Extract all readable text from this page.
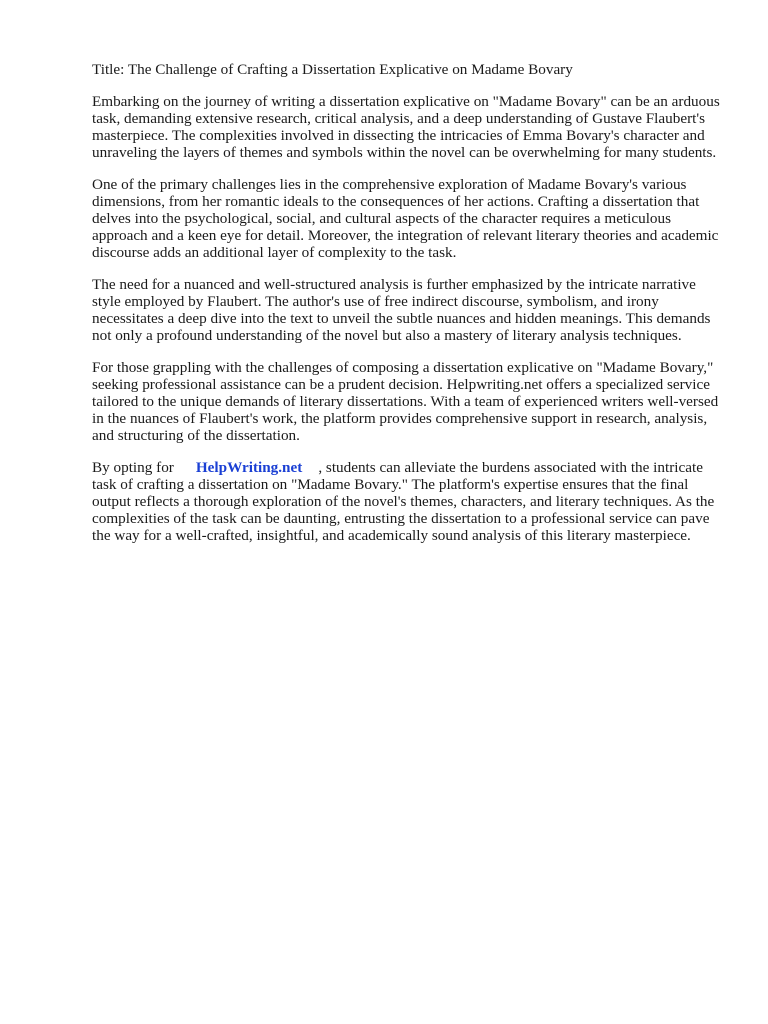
Title: The Challenge of Crafting a Dissertation Explicative on Madame Bovary

Embarking on the journey of writing a dissertation explicative on "Madame Bovary" can be an arduous task, demanding extensive research, critical analysis, and a deep understanding of Gustave Flaubert's masterpiece. The complexities involved in dissecting the intricacies of Emma Bovary's character and unraveling the layers of themes and symbols within the novel can be overwhelming for many students.

One of the primary challenges lies in the comprehensive exploration of Madame Bovary's various dimensions, from her romantic ideals to the consequences of her actions. Crafting a dissertation that delves into the psychological, social, and cultural aspects of the character requires a meticulous approach and a keen eye for detail. Moreover, the integration of relevant literary theories and academic discourse adds an additional layer of complexity to the task.

The need for a nuanced and well-structured analysis is further emphasized by the intricate narrative style employed by Flaubert. The author's use of free indirect discourse, symbolism, and irony necessitates a deep dive into the text to unveil the subtle nuances and hidden meanings. This demands not only a profound understanding of the novel but also a mastery of literary analysis techniques.

For those grappling with the challenges of composing a dissertation explicative on "Madame Bovary," seeking professional assistance can be a prudent decision. Helpwriting.net offers a specialized service tailored to the unique demands of literary dissertations. With a team of experienced writers well-versed in the nuances of Flaubert's work, the platform provides comprehensive support in research, analysis, and structuring of the dissertation.

By opting for HelpWriting.net , students can alleviate the burdens associated with the intricate task of crafting a dissertation on "Madame Bovary." The platform's expertise ensures that the final output reflects a thorough exploration of the novel's themes, characters, and literary techniques. As the complexities of the task can be daunting, entrusting the dissertation to a professional service can pave the way for a well-crafted, insightful, and academically sound analysis of this literary masterpiece.
